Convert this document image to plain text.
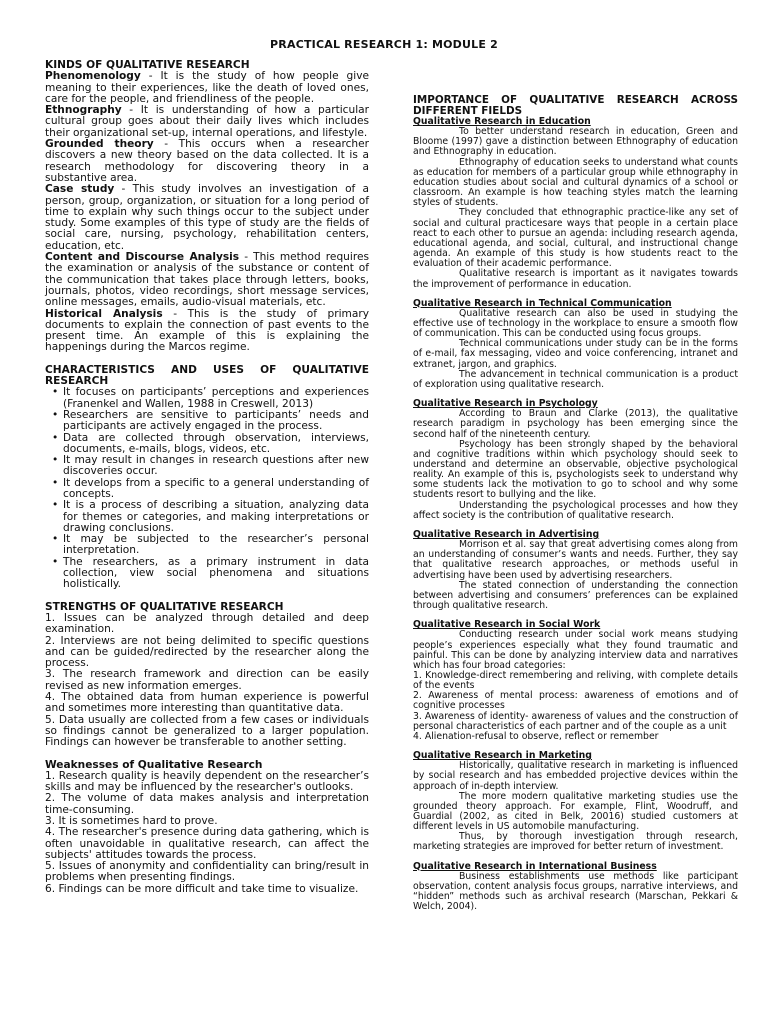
PRACTICAL RESEARCH 1: MODULE 2
KINDS OF QUALITATIVE RESEARCH

Phenomenology - It is the study of how people give meaning to their experiences, like the death of loved ones, care for the people, and friendliness of the people.

Ethnography - It is understanding of how a particular cultural group goes about their daily lives which includes their organizational set-up, internal operations, and lifestyle.

Grounded theory - This occurs when a researcher discovers a new theory based on the data collected. It is a research methodology for discovering theory in a substantive area.

Case study - This study involves an investigation of a person, group, organization, or situation for a long period of time to explain why such things occur to the subject under study. Some examples of this type of study are the fields of social care, nursing, psychology, rehabilitation centers, education, etc.

Content and Discourse Analysis - This method requires the examination or analysis of the substance or content of the communication that takes place through letters, books, journals, photos, video recordings, short message services, online messages, emails, audio-visual materials, etc.

Historical Analysis - This is the study of primary documents to explain the connection of past events to the present time. An example of this is explaining the happenings during the Marcos regime.

CHARACTERISTICS AND USES OF QUALITATIVE RESEARCH
• It focuses on participants’ perceptions and experiences (Franenkel and Wallen, 1988 in Creswell, 2013)
• Researchers are sensitive to participants’ needs and participants are actively engaged in the process.
• Data are collected through observation, interviews, documents, e-mails, blogs, videos, etc.
• It may result in changes in research questions after new discoveries occur.
• It develops from a specific to a general understanding of concepts.
• It is a process of describing a situation, analyzing data for themes or categories, and making interpretations or drawing conclusions.
• It may be subjected to the researcher’s personal interpretation.
• The researchers, as a primary instrument in data collection, view social phenomena and situations holistically.
STRENGTHS OF QUALITATIVE RESEARCH

1. Issues can be analyzed through detailed and deep examination.

2. Interviews are not being delimited to specific questions and can be guided/redirected by the researcher along the process.

3. The research framework and direction can be easily revised as new information emerges.

4. The obtained data from human experience is powerful and sometimes more interesting than quantitative data.

5. Data usually are collected from a few cases or individuals so findings cannot be generalized to a larger population. Findings can however be transferable to another setting.

Weaknesses of Qualitative Research

1. Research quality is heavily dependent on the researcher’s skills and may be influenced by the researcher's outlooks.

2. The volume of data makes analysis and interpretation time-consuming.

3. It is sometimes hard to prove.

4. The researcher's presence during data gathering, which is often unavoidable in qualitative research, can affect the subjects' attitudes towards the process.

5. Issues of anonymity and confidentiality can bring/result in problems when presenting findings.

6. Findings can be more difficult and take time to visualize.

IMPORTANCE OF QUALITATIVE RESEARCH ACROSS DIFFERENT FIELDS
Qualitative Research in Education

To better understand research in education, Green and Bloome (1997) gave a distinction between Ethnography of education and Ethnography in education.

Ethnography of education seeks to understand what counts as education for members of a particular group while ethnography in education studies about social and cultural dynamics of a school or classroom. An example is how teaching styles match the learning styles of students.

They concluded that ethnographic practice-like any set of social and cultural practicesare ways that people in a certain place react to each other to pursue an agenda: including research agenda, educational agenda, and social, cultural, and instructional change agenda. An example of this study is how students react to the evaluation of their academic performance.

Qualitative research is important as it navigates towards the improvement of performance in education.

Qualitative Research in Technical Communication

Qualitative research can also be used in studying the effective use of technology in the workplace to ensure a smooth flow of communication. This can be conducted using focus groups.

Technical communications under study can be in the forms of e-mail, fax messaging, video and voice conferencing, intranet and extranet, jargon, and graphics.

The advancement in technical communication is a product of exploration using qualitative research.

Qualitative Research in Psychology

According to Braun and Clarke (2013), the qualitative research paradigm in psychology has been emerging since the second half of the nineteenth century.

Psychology has been strongly shaped by the behavioral and cognitive traditions within which psychology should seek to understand and determine an observable, objective psychological reality. An example of this is, psychologists seek to understand why some students lack the motivation to go to school and why some students resort to bullying and the like.

Understanding the psychological processes and how they affect society is the contribution of qualitative research.

Qualitative Research in Advertising

Morrison et al. say that great advertising comes along from an understanding of consumer’s wants and needs. Further, they say that qualitative research approaches, or methods useful in advertising have been used by advertising researchers.

The stated connection of understanding the connection between advertising and consumers’ preferences can be explained through qualitative research.

Qualitative Research in Social Work

Conducting research under social work means studying people’s experiences especially what they found traumatic and painful. This can be done by analyzing interview data and narratives which has four broad categories:

1. Knowledge-direct remembering and reliving, with complete details of the events

2. Awareness of mental process: awareness of emotions and of cognitive processes

3. Awareness of identity- awareness of values and the construction of personal characteristics of each partner and of the couple as a unit

4. Alienation-refusal to observe, reflect or remember

Qualitative Research in Marketing

Historically, qualitative research in marketing is influenced by social research and has embedded projective devices within the approach of in-depth interview.

The more modern qualitative marketing studies use the grounded theory approach. For example, Flint, Woodruff, and Guardial (2002, as cited in Belk, 20016) studied customers at different levels in US automobile manufacturing.

Thus, by thorough investigation through research, marketing strategies are improved for better return of investment.

Qualitative Research in International Business

Business establishments use methods like participant observation, content analysis focus groups, narrative interviews, and “hidden” methods such as archival research (Marschan, Pekkari & Welch, 2004).
